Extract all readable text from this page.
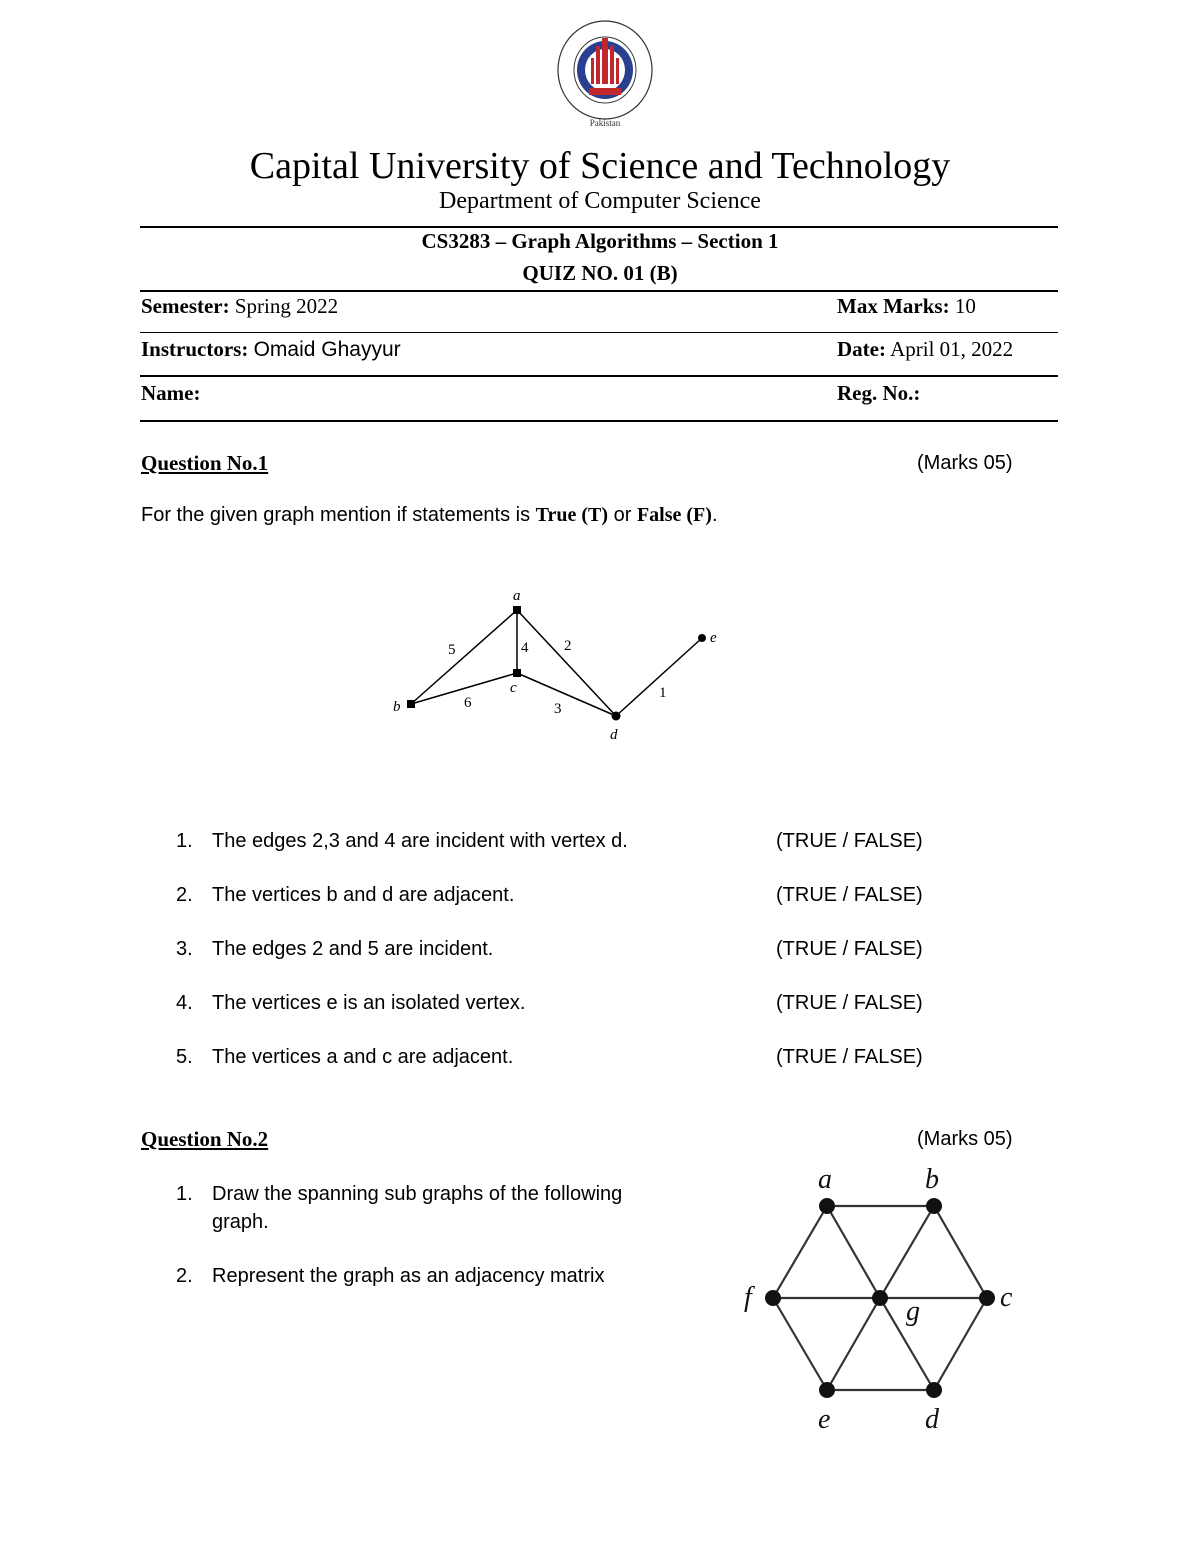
Pakistan
Capital University of Science and Technology
Department of Computer Science
CS3283 – Graph Algorithms – Section 1
QUIZ NO. 01 (B)
Semester: Spring 2022	Max Marks: 10
Instructors: Omaid Ghayyur	Date: April 01, 2022
Name:	Reg. No.:
Question No.1	(Marks 05)
For the given graph mention if statements is True (T) or False (F).
a
b
c
d
e
5	4 2
6	3
1
1. The edges 2,3 and 4 are incident with vertex d.	(TRUE / FALSE)
2. The vertices b and d are adjacent.	(TRUE / FALSE)
3. The edges 2 and 5 are incident.	(TRUE / FALSE)
4. The vertices e is an isolated vertex.	(TRUE / FALSE)
5. The vertices a and c are adjacent.	(TRUE / FALSE)
Question No.2	(Marks 05)
1. Draw the spanning sub graphs of the following graph.
2. Represent the graph as an adjacency matrix
a	b
c
d
e
f	g
